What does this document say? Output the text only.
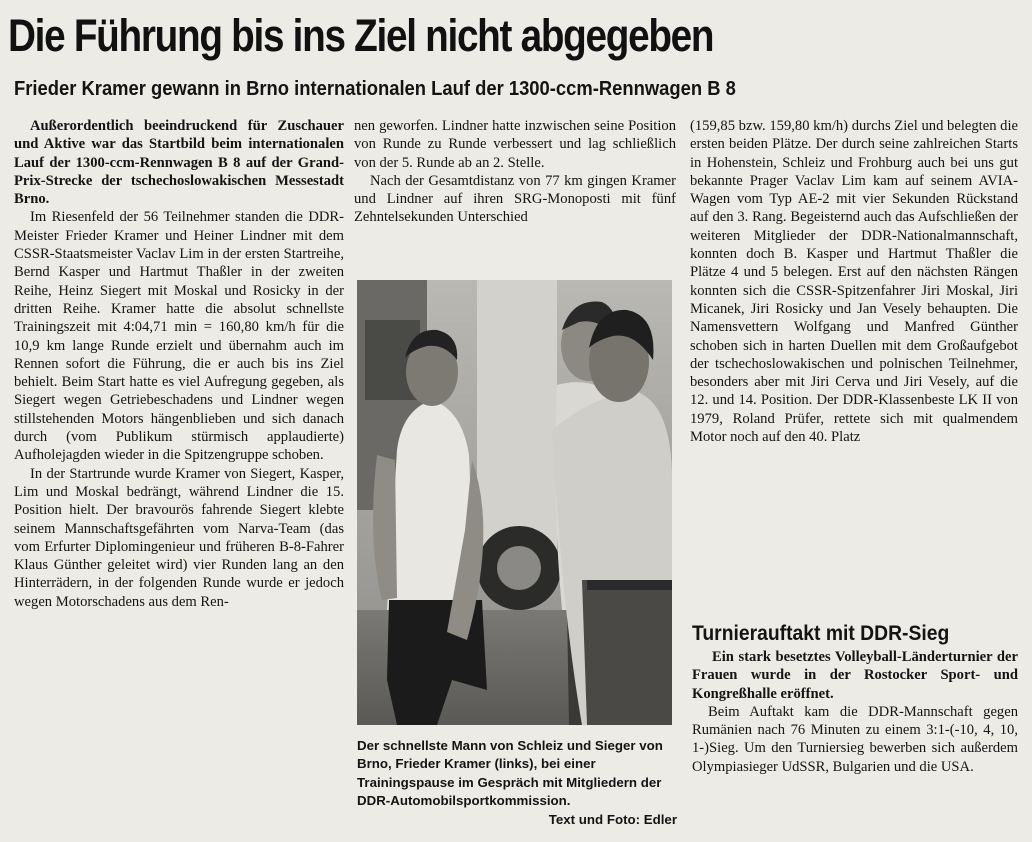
Die Führung bis ins Ziel nicht abgegeben
Frieder Kramer gewann in Brno internationalen Lauf der 1300-ccm-Rennwagen B 8

Außerordentlich beeindruckend für Zuschauer und Aktive war das Startbild beim internationalen Lauf der 1300-ccm-Rennwagen B 8 auf der Grand-Prix-Strecke der tschechoslowakischen Messestadt Brno.

Im Riesenfeld der 56 Teilnehmer standen die DDR-Meister Frieder Kramer und Heiner Lindner mit dem CSSR-Staatsmeister Vaclav Lim in der ersten Startreihe, Bernd Kasper und Hartmut Thaßler in der zweiten Reihe, Heinz Siegert mit Moskal und Rosicky in der dritten Reihe. Kramer hatte die absolut schnellste Trainingszeit mit 4:04,71 min = 160,80 km/h für die 10,9 km lange Runde erzielt und übernahm auch im Rennen sofort die Führung, die er auch bis ins Ziel behielt. Beim Start hatte es viel Aufregung gegeben, als Siegert wegen Getriebeschadens und Lindner wegen stillstehenden Motors hängenblieben und sich danach durch (vom Publikum stürmisch applaudierte) Aufholejagden wieder in die Spitzengruppe schoben.

In der Startrunde wurde Kramer von Siegert, Kasper, Lim und Moskal bedrängt, während Lindner die 15. Position hielt. Der bravourös fahrende Siegert klebte seinem Mannschaftsgefährten vom Narva-Team (das vom Erfurter Diplomingenieur und früheren B-8-Fahrer Klaus Günther geleitet wird) vier Runden lang an den Hinterrädern, in der folgenden Runde wurde er jedoch wegen Motorschadens aus dem Ren-

nen geworfen. Lindner hatte inzwischen seine Position von Runde zu Runde verbessert und lag schließlich von der 5. Runde ab an 2. Stelle.

Nach der Gesamtdistanz von 77 km gingen Kramer und Lindner auf ihren SRG-Monoposti mit fünf Zehntelsekunden Unterschied

Der schnellste Mann von Schleiz und Sieger von Brno, Frieder Kramer (links), bei einer Trainingspause im Gespräch mit Mitgliedern der DDR-Automobilsportkommission.
Text und Foto: Edler

(159,85 bzw. 159,80 km/h) durchs Ziel und belegten die ersten beiden Plätze. Der durch seine zahlreichen Starts in Hohenstein, Schleiz und Frohburg auch bei uns gut bekannte Prager Vaclav Lim kam auf seinem AVIA-Wagen vom Typ AE-2 mit vier Sekunden Rückstand auf den 3. Rang. Begeisternd auch das Aufschließen der weiteren Mitglieder der DDR-Nationalmannschaft, konnten doch B. Kasper und Hartmut Thaßler die Plätze 4 und 5 belegen. Erst auf den nächsten Rängen konnten sich die CSSR-Spitzenfahrer Jiri Moskal, Jiri Micanek, Jiri Rosicky und Jan Vesely behaupten. Die Namensvettern Wolfgang und Manfred Günther schoben sich in harten Duellen mit dem Großaufgebot der tschechoslowakischen und polnischen Teilnehmer, besonders aber mit Jiri Cerva und Jiri Vesely, auf die 12. und 14. Position. Der DDR-Klassenbeste LK II von 1979, Roland Prüfer, rettete sich mit qualmendem Motor noch auf den 40. Platz

Turnierauftakt mit DDR-Sieg

Ein stark besetztes Volleyball-Länderturnier der Frauen wurde in der Rostocker Sport- und Kongreßhalle eröffnet.

Beim Auftakt kam die DDR-Mannschaft gegen Rumänien nach 76 Minuten zu einem 3:1-(-10, 4, 10, 1-)Sieg. Um den Turniersieg bewerben sich außerdem Olympiasieger UdSSR, Bulgarien und die USA.
